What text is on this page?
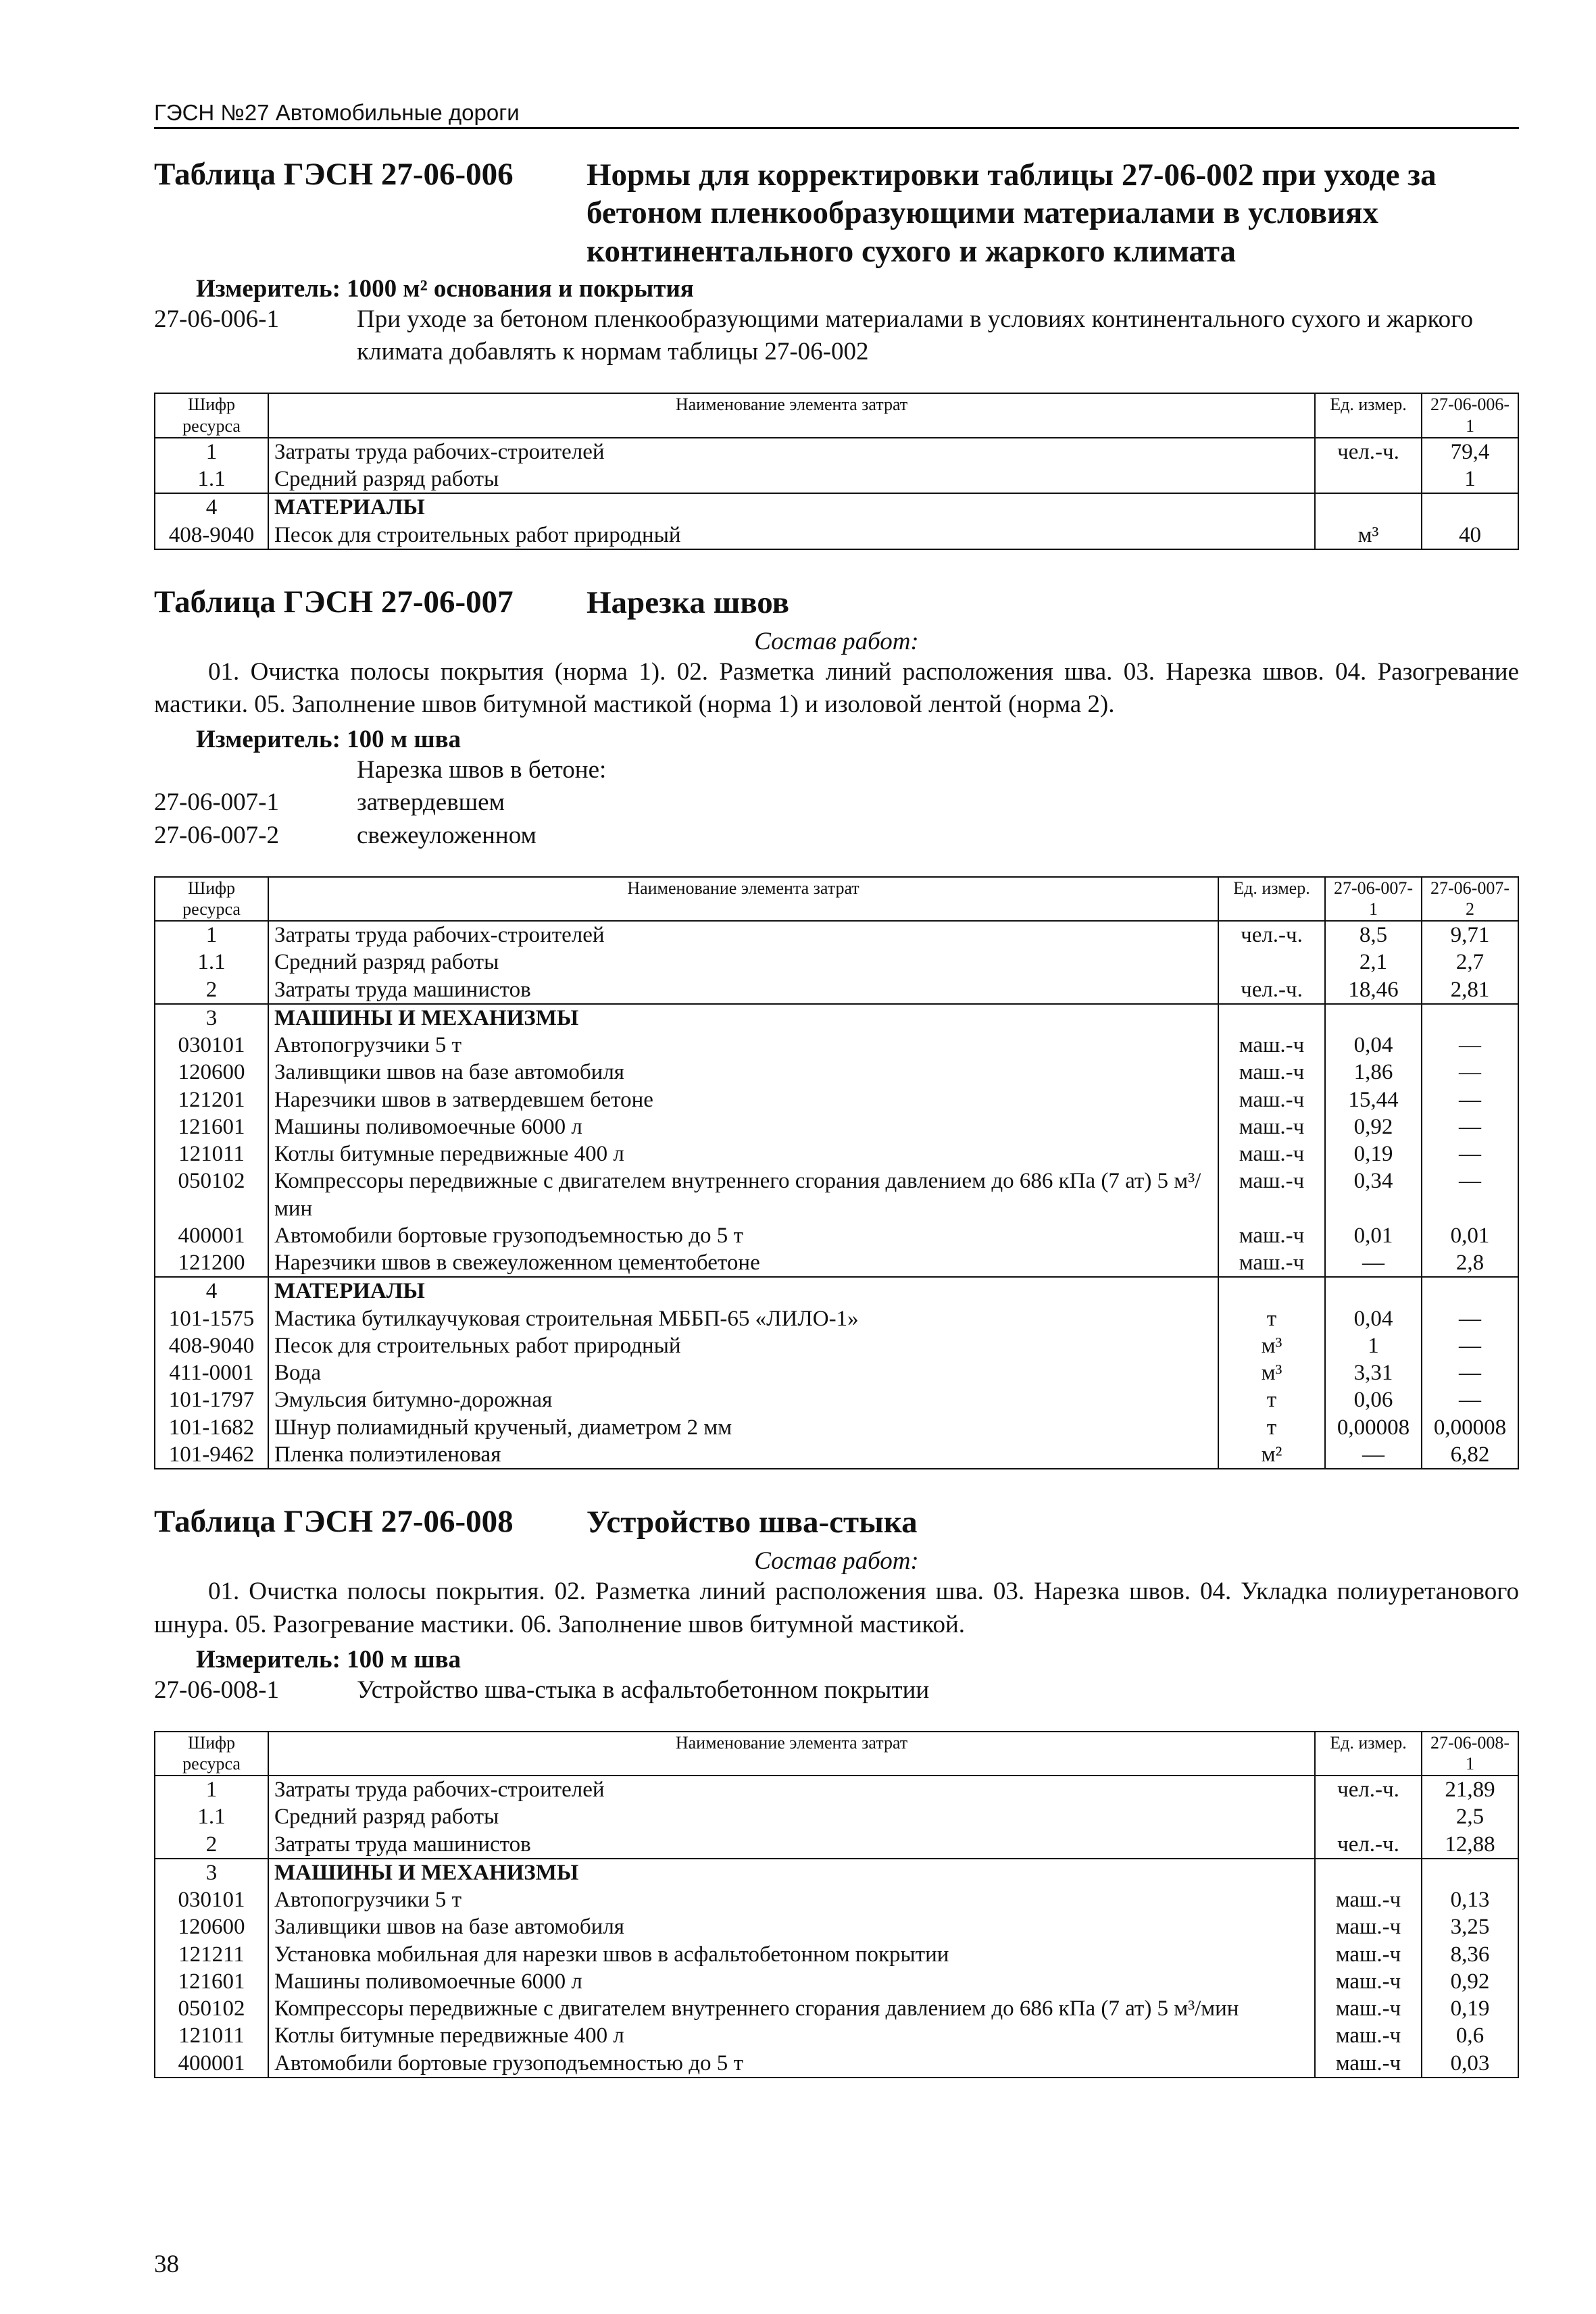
ГЭСН №27 Автомобильные дороги
Таблица ГЭСН 27-06-006	Нормы для корректировки таблицы 27-06-002 при уходе за бетоном пленкообразующими материалами в условиях континентального сухого и жаркого климата
Измеритель: 1000 м² основания и покрытия
27-06-006-1	При уходе за бетоном пленкообразующими материалами в условиях континентального сухого и жаркого климата добавлять к нормам таблицы 27-06-002
Шифр ресурса	Наименование элемента затрат	Ед. измер.	27-06-006-1
1	Затраты труда рабочих-строителей	чел.-ч.	79,4
1.1	Средний разряд работы		1
4	МАТЕРИАЛЫ		
408-9040	Песок для строительных работ природный	м³	40
Таблица ГЭСН 27-06-007	Нарезка швов
Состав работ:
01. Очистка полосы покрытия (норма 1). 02. Разметка линий расположения шва. 03. Нарезка швов. 04. Разогревание мастики. 05. Заполнение швов битумной мастикой (норма 1) и изоловой лентой (норма 2).
Измеритель: 100 м шва
Нарезка швов в бетоне:
27-06-007-1	затвердевшем
27-06-007-2	свежеуложенном
Шифр ресурса	Наименование элемента затрат	Ед. измер.	27-06-007-1	27-06-007-2
1	Затраты труда рабочих-строителей	чел.-ч.	8,5	9,71
1.1	Средний разряд работы		2,1	2,7
2	Затраты труда машинистов	чел.-ч.	18,46	2,81
3	МАШИНЫ И МЕХАНИЗМЫ			
030101	Автопогрузчики 5 т	маш.-ч	0,04	—
120600	Заливщики швов на базе автомобиля	маш.-ч	1,86	—
121201	Нарезчики швов в затвердевшем бетоне	маш.-ч	15,44	—
121601	Машины поливомоечные 6000 л	маш.-ч	0,92	—
121011	Котлы битумные передвижные 400 л	маш.-ч	0,19	—
050102	Компрессоры передвижные с двигателем внутреннего сгорания давлением до 686 кПа (7 ат) 5 м³/мин	маш.-ч	0,34	—
400001	Автомобили бортовые грузоподъемностью до 5 т	маш.-ч	0,01	0,01
121200	Нарезчики швов в свежеуложенном цементобетоне	маш.-ч	—	2,8
4	МАТЕРИАЛЫ			
101-1575	Мастика бутилкаучуковая строительная МББП-65 «ЛИЛО-1»	т	0,04	—
408-9040	Песок для строительных работ природный	м³	1	—
411-0001	Вода	м³	3,31	—
101-1797	Эмульсия битумно-дорожная	т	0,06	—
101-1682	Шнур полиамидный крученый, диаметром 2 мм	т	0,00008	0,00008
101-9462	Пленка полиэтиленовая	м²	—	6,82
Таблица ГЭСН 27-06-008	Устройство шва-стыка
Состав работ:
01. Очистка полосы покрытия. 02. Разметка линий расположения шва. 03. Нарезка швов. 04. Укладка полиуретанового шнура. 05. Разогревание мастики. 06. Заполнение швов битумной мастикой.
Измеритель: 100 м шва
27-06-008-1	Устройство шва-стыка в асфальтобетонном покрытии
Шифр ресурса	Наименование элемента затрат	Ед. измер.	27-06-008-1
1	Затраты труда рабочих-строителей	чел.-ч.	21,89
1.1	Средний разряд работы		2,5
2	Затраты труда машинистов	чел.-ч.	12,88
3	МАШИНЫ И МЕХАНИЗМЫ		
030101	Автопогрузчики 5 т	маш.-ч	0,13
120600	Заливщики швов на базе автомобиля	маш.-ч	3,25
121211	Установка мобильная для нарезки швов в асфальтобетонном покрытии	маш.-ч	8,36
121601	Машины поливомоечные 6000 л	маш.-ч	0,92
050102	Компрессоры передвижные с двигателем внутреннего сгорания давлением до 686 кПа (7 ат) 5 м³/мин	маш.-ч	0,19
121011	Котлы битумные передвижные 400 л	маш.-ч	0,6
400001	Автомобили бортовые грузоподъемностью до 5 т	маш.-ч	0,03
38
